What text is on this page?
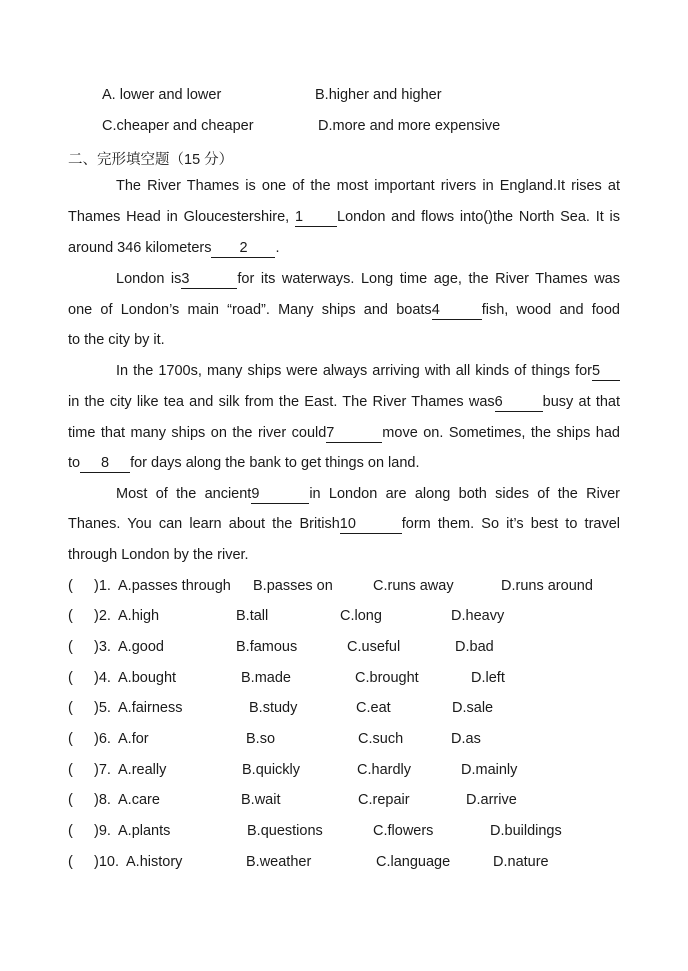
A. lower and lower	B.higher and higher
C.cheaper and cheaper	D.more and more expensive
二、完形填空题（15 分）
The River Thames is one of the most important rivers in England.It rises at
Thames Head in Gloucestershire, 1 London and flows into()the North Sea. It is
around 346 kilometers 2 .
London is3	for its waterways. Long time age, the River Thames was
one of London’s main “road”. Many ships and boats4	fish, wood and food
to the city by it.
In the 1700s, many ships were always arriving with all kinds of things for5
in the city like tea and silk from the East. The River Thames was6	busy at that
time that many ships on the river could7	move on. Sometimes, the ships had
to 8 for days along the bank to get things on land.
Most of the ancient9	in London are along both sides of the River
Thanes. You can learn about the British10	form them. So it’s best to travel
through London by the river.
( )1. A.passes through B.passes on	C.runs away	D.runs around
( )2. A.high	B.tall	C.long	D.heavy
( )3. A.good	B.famous	C.useful	D.bad
( )4. A.bought	B.made	C.brought	D.left
( )5. A.fairness	B.study	C.eat	D.sale
( )6. A.for	B.so	C.such	D.as
( )7. A.really	B.quickly	C.hardly	D.mainly
( )8. A.care	B.wait	C.repair	D.arrive
( )9. A.plants	B.questions	C.flowers	D.buildings
( )10. A.history	B.weather	C.language	D.nature
